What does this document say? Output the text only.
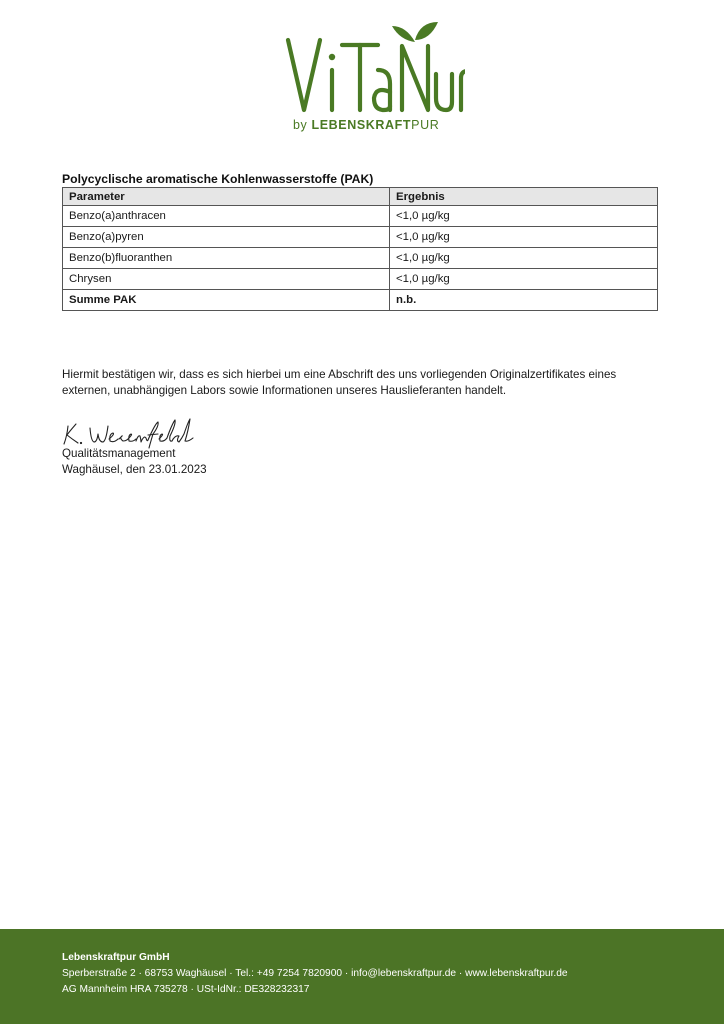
by LEBENSKRAFTPUR
Polycyclische aromatische Kohlenwasserstoffe (PAK)
Parameter	Ergebnis
Benzo(a)anthracen	<1,0 µg/kg
Benzo(a)pyren	<1,0 µg/kg
Benzo(b)fluoranthen	<1,0 µg/kg
Chrysen	<1,0 µg/kg
Summe PAK	n.b.
Hiermit bestätigen wir, dass es sich hierbei um eine Abschrift des uns vorliegenden Originalzertifikates eines externen, unabhängigen Labors sowie Informationen unseres Hauslieferanten handelt.
Qualitätsmanagement
Waghäusel, den 23.01.2023
Lebenskraftpur GmbH
Sperberstraße 2 · 68753 Waghäusel · Tel.: +49 7254 7820900 · info@lebenskraftpur.de · www.lebenskraftpur.de
AG Mannheim HRA 735278 · USt-IdNr.: DE328232317
